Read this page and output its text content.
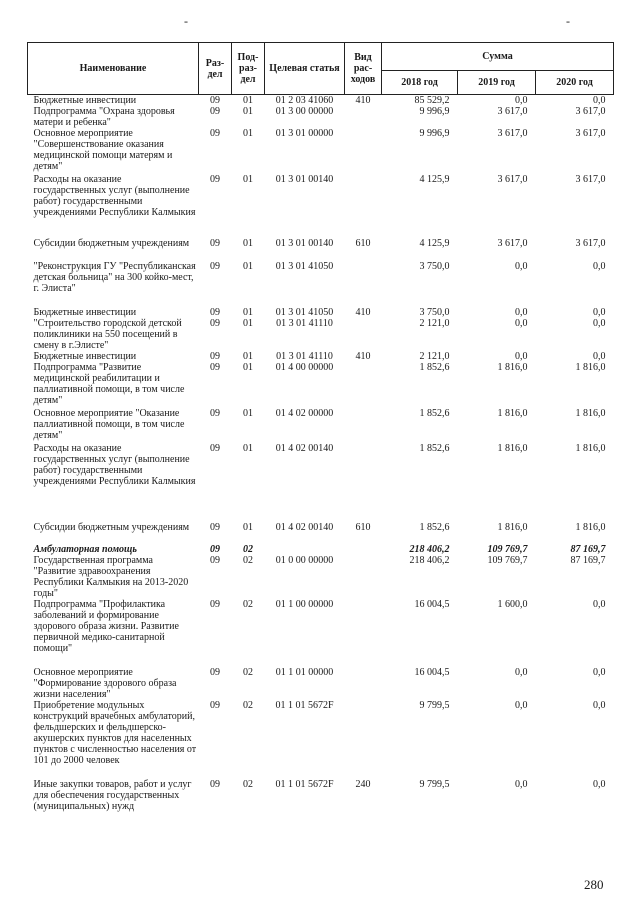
-	-
Наименование	Раз-дел	Под-раз-дел	Целевая статья	Вид рас-ходов	Сумма		
					2018 год	2019 год	2020 год
Бюджетные инвестиции	09	01	01 2 03 41060	410	85 529,2	0,0	0,0
Подпрограмма "Охрана здоровья матери и ребенка"	09	01	01 3 00 00000		9 996,9	3 617,0	3 617,0
Основное мероприятие "Совершенствование оказания медицинской помощи матерям и детям"	09	01	01 3 01 00000		9 996,9	3 617,0	3 617,0
Расходы на оказание государственных услуг (выполнение работ) государственными учреждениями Республики Калмыкия	09	01	01 3 01 00140		4 125,9	3 617,0	3 617,0
Субсидии бюджетным учреждениям	09	01	01 3 01 00140	610	4 125,9	3 617,0	3 617,0
"Реконструкция ГУ "Республиканская детская больница" на 300 койко-мест, г. Элиста"	09	01	01 3 01 41050		3 750,0	0,0	0,0
Бюджетные инвестиции	09	01	01 3 01 41050	410	3 750,0	0,0	0,0
"Строительство городской детской поликлиники на 550 посещений в смену в г.Элисте"	09	01	01 3 01 41110		2 121,0	0,0	0,0
Бюджетные инвестиции	09	01	01 3 01 41110	410	2 121,0	0,0	0,0
Подпрограмма "Развитие медицинской реабилитации и паллиативной помощи, в том числе детям"	09	01	01 4 00 00000		1 852,6	1 816,0	1 816,0
Основное мероприятие "Оказание паллиативной помощи, в том числе детям"	09	01	01 4 02 00000		1 852,6	1 816,0	1 816,0
Расходы на оказание государственных услуг (выполнение работ) государственными учреждениями Республики Калмыкия	09	01	01 4 02 00140		1 852,6	1 816,0	1 816,0
Субсидии бюджетным учреждениям	09	01	01 4 02 00140	610	1 852,6	1 816,0	1 816,0
Амбулаторная помощь	09	02			218 406,2	109 769,7	87 169,7
Государственная программа "Развитие здравоохранения Республики Калмыкия на 2013-2020 годы"	09	02	01 0 00 00000		218 406,2	109 769,7	87 169,7
Подпрограмма "Профилактика заболеваний и формирование здорового образа жизни. Развитие первичной медико-санитарной помощи"	09	02	01 1 00 00000		16 004,5	1 600,0	0,0
Основное мероприятие "Формирование здорового образа жизни населения"	09	02	01 1 01 00000		16 004,5	0,0	0,0
Приобретение модульных конструкций врачебных амбулаторий, фельдшерских и фельдшерско-акушерских пунктов для населенных пунктов с численностью населения от 101 до 2000 человек	09	02	01 1 01 5672F		9 799,5	0,0	0,0
Иные закупки товаров, работ и услуг для обеспечения государственных (муниципальных) нужд	09	02	01 1 01 5672F	240	9 799,5	0,0	0,0
280
